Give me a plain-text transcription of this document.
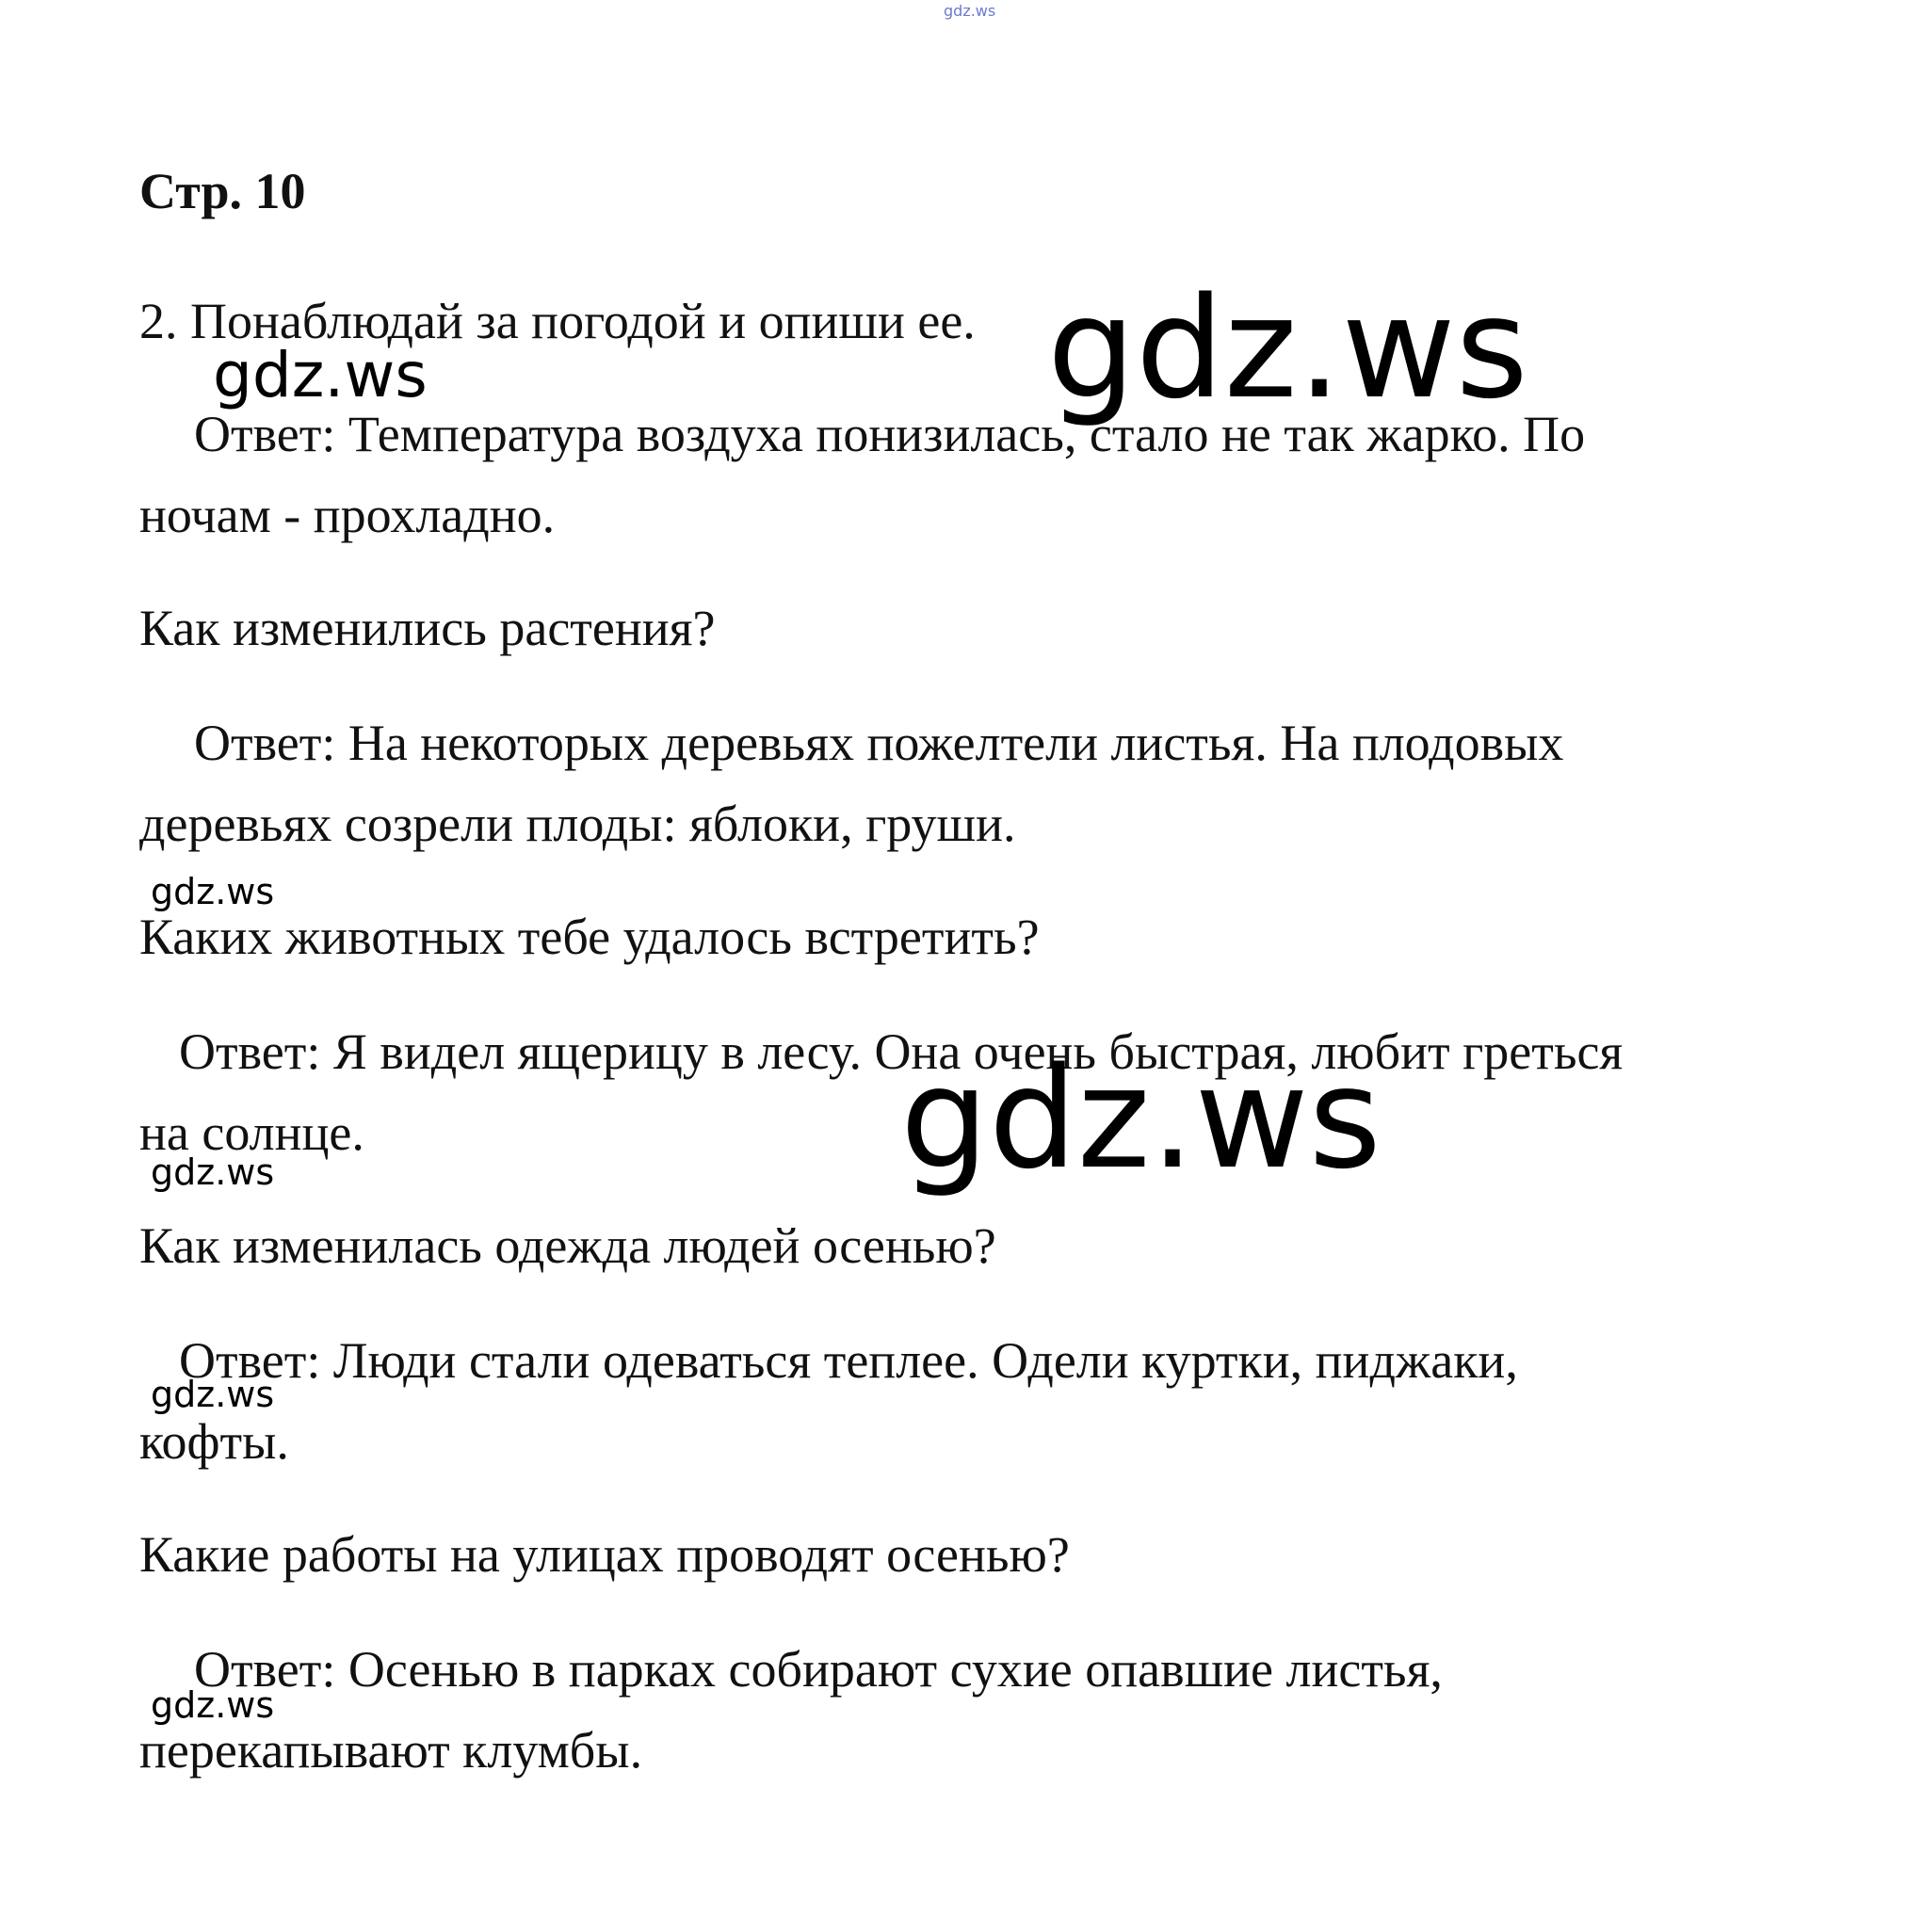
gdz.ws
Стр. 10

2. Понаблюдай за погодой и опиши ее.

Ответ: Температура воздуха понизилась, стало не так жарко. По

ночам - прохладно.

Как изменились растения?

Ответ: На некоторых деревьях пожелтели листья. На плодовых

деревьях созрели плоды: яблоки, груши.

Каких животных тебе удалось встретить?

Ответ: Я видел ящерицу в лесу. Она очень быстрая, любит греться

на солнце.

Как изменилась одежда людей осенью?

Ответ: Люди стали одеваться теплее. Одели куртки, пиджаки,

кофты.

Какие работы на улицах проводят осенью?

Ответ: Осенью в парках собирают сухие опавшие листья,

перекапывают клумбы.

gdz.ws
gdz.ws
gdz.ws
gdz.ws
gdz.ws
gdz.ws
gdz.ws
